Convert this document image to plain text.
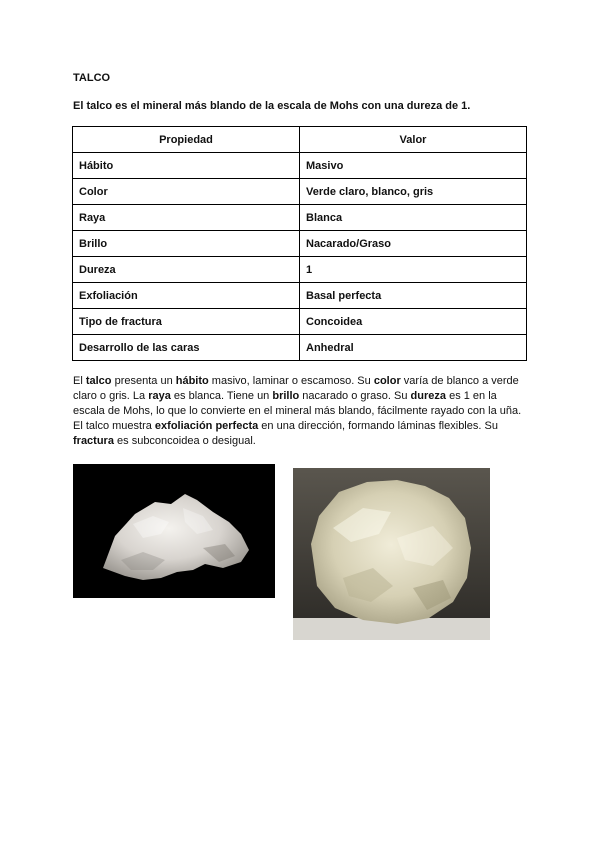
TALCO

El talco es el mineral más blando de la escala de Mohs con una dureza de 1.

Propiedad	Valor
Hábito	Masivo
Color	Verde claro, blanco, gris
Raya	Blanca
Brillo	Nacarado/Graso
Dureza	1
Exfoliación	Basal perfecta
Tipo de fractura	Concoidea
Desarrollo de las caras	Anhedral

El talco presenta un hábito masivo, laminar o escamoso. Su color varía de blanco a verde claro o gris. La raya es blanca. Tiene un brillo nacarado o graso. Su dureza es 1 en la escala de Mohs, lo que lo convierte en el mineral más blando, fácilmente rayado con la uña. El talco muestra exfoliación perfecta en una dirección, formando láminas flexibles. Su fractura es subconcoidea o desigual.
